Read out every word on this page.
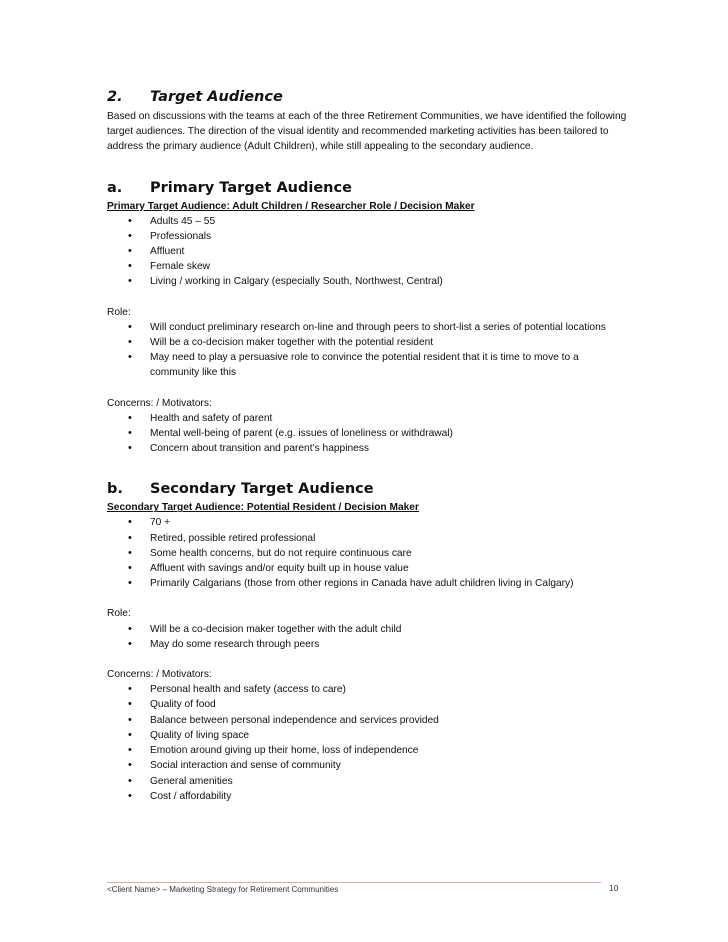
2.	Target Audience

Based on discussions with the teams at each of the three Retirement Communities, we have identified the following target audiences. The direction of the visual identity and recommended marketing activities has been tailored to address the primary audience (Adult Children), while still appealing to the secondary audience.

a.	Primary Target Audience
Primary Target Audience: Adult Children / Researcher Role / Decision Maker
• Adults 45 – 55
• Professionals
• Affluent
• Female skew
• Living / working in Calgary (especially South, Northwest, Central)
Role:
• Will conduct preliminary research on-line and through peers to short-list a series of potential locations
• Will be a co-decision maker together with the potential resident
• May need to play a persuasive role to convince the potential resident that it is time to move to a community like this
Concerns: / Motivators:
• Health and safety of parent
• Mental well-being of parent (e.g. issues of loneliness or withdrawal)
• Concern about transition and parent’s happiness
b.	Secondary Target Audience
Secondary Target Audience: Potential Resident / Decision Maker
• 70 +
• Retired, possible retired professional
• Some health concerns, but do not require continuous care
• Affluent with savings and/or equity built up in house value
• Primarily Calgarians (those from other regions in Canada have adult children living in Calgary)
Role:
• Will be a co-decision maker together with the adult child
• May do some research through peers
Concerns: / Motivators:
• Personal health and safety (access to care)
• Quality of food
• Balance between personal independence and services provided
• Quality of living space
• Emotion around giving up their home, loss of independence
• Social interaction and sense of community
• General amenities
• Cost / affordability
<Client Name> – Marketing Strategy for Retirement Communities	10
